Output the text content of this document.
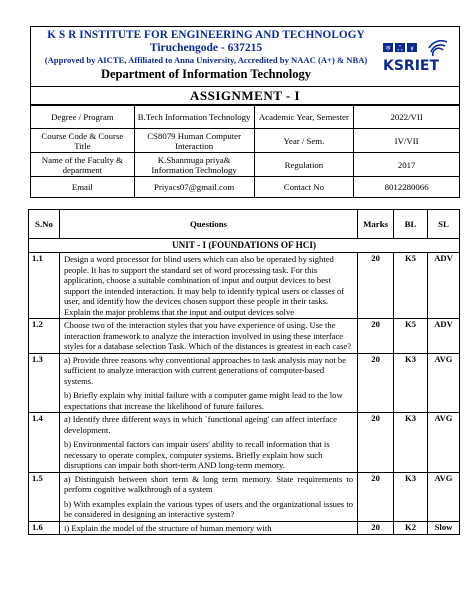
K S R INSTITUTE FOR ENGINEERING AND TECHNOLOGY
Tiruchengode - 637215
(Approved by AICTE, Affiliated to Anna University, Accredited by NAAC (A+) & NBA)
Department of Information Technology
ক ஃ ಕ
KSRIET
ASSIGNMENT - I
Degree / Program	B.Tech Information Technology	Academic Year, Semester	2022/VII
Course Code & Course Title	CS8079 Human Computer Interaction	Year / Sem.	IV/VII
Name of the Faculty & department	K.Shanmuga priya& Information Technology	Regulation	2017
Email	Priyacs07@gmail.com	Contact No	8012280066
S.No	Questions	Marks	BL	SL
UNIT - I (FOUNDATIONS OF HCI)				
1.1	Design a word processor for blind users which can also be operated by sighted people. It has to support the standard set of word processing task. For this application, choose a suitable combination of input and output devices to best support the intended interaction. It may help to identify typical users or classes of user, and identify how the devices chosen support these people in their tasks. Explain the major problems that the input and output devices solve	20	K5	ADV
1.2	Choose two of the interaction styles that you have experience of using. Use the interaction framework to analyze the interaction involved in using these interface styles for a database selection Task. Which of the distances is greatest in each case?	20	K5	ADV
1.3	a) Provide three reasons why conventional approaches to task analysis may not be sufficient to analyze interaction with current generations of computer-based systems.

b) Briefly explain why initial failure with a computer game might lead to the low expectations that increase the likelihood of future failures.	20	K3	AVG
1.4	a) Identify three different ways in which `functional ageing' can affect interface development.

b) Environmental factors can impair users' ability to recall information that is necessary to operate complex, computer systems. Briefly explain how such disruptions can impair both short-term AND long-term memory.	20	K3	AVG
1.5	a) Distinguish between short term & long term memory. State requirements to perform cognitive walkthrough of a system

b) With examples explain the various types of users and the organizational issues to be considered in designing an interactive system?	20	K3	AVG
1.6	i) Explain the model of the structure of human memory with	20	K2	Slow
